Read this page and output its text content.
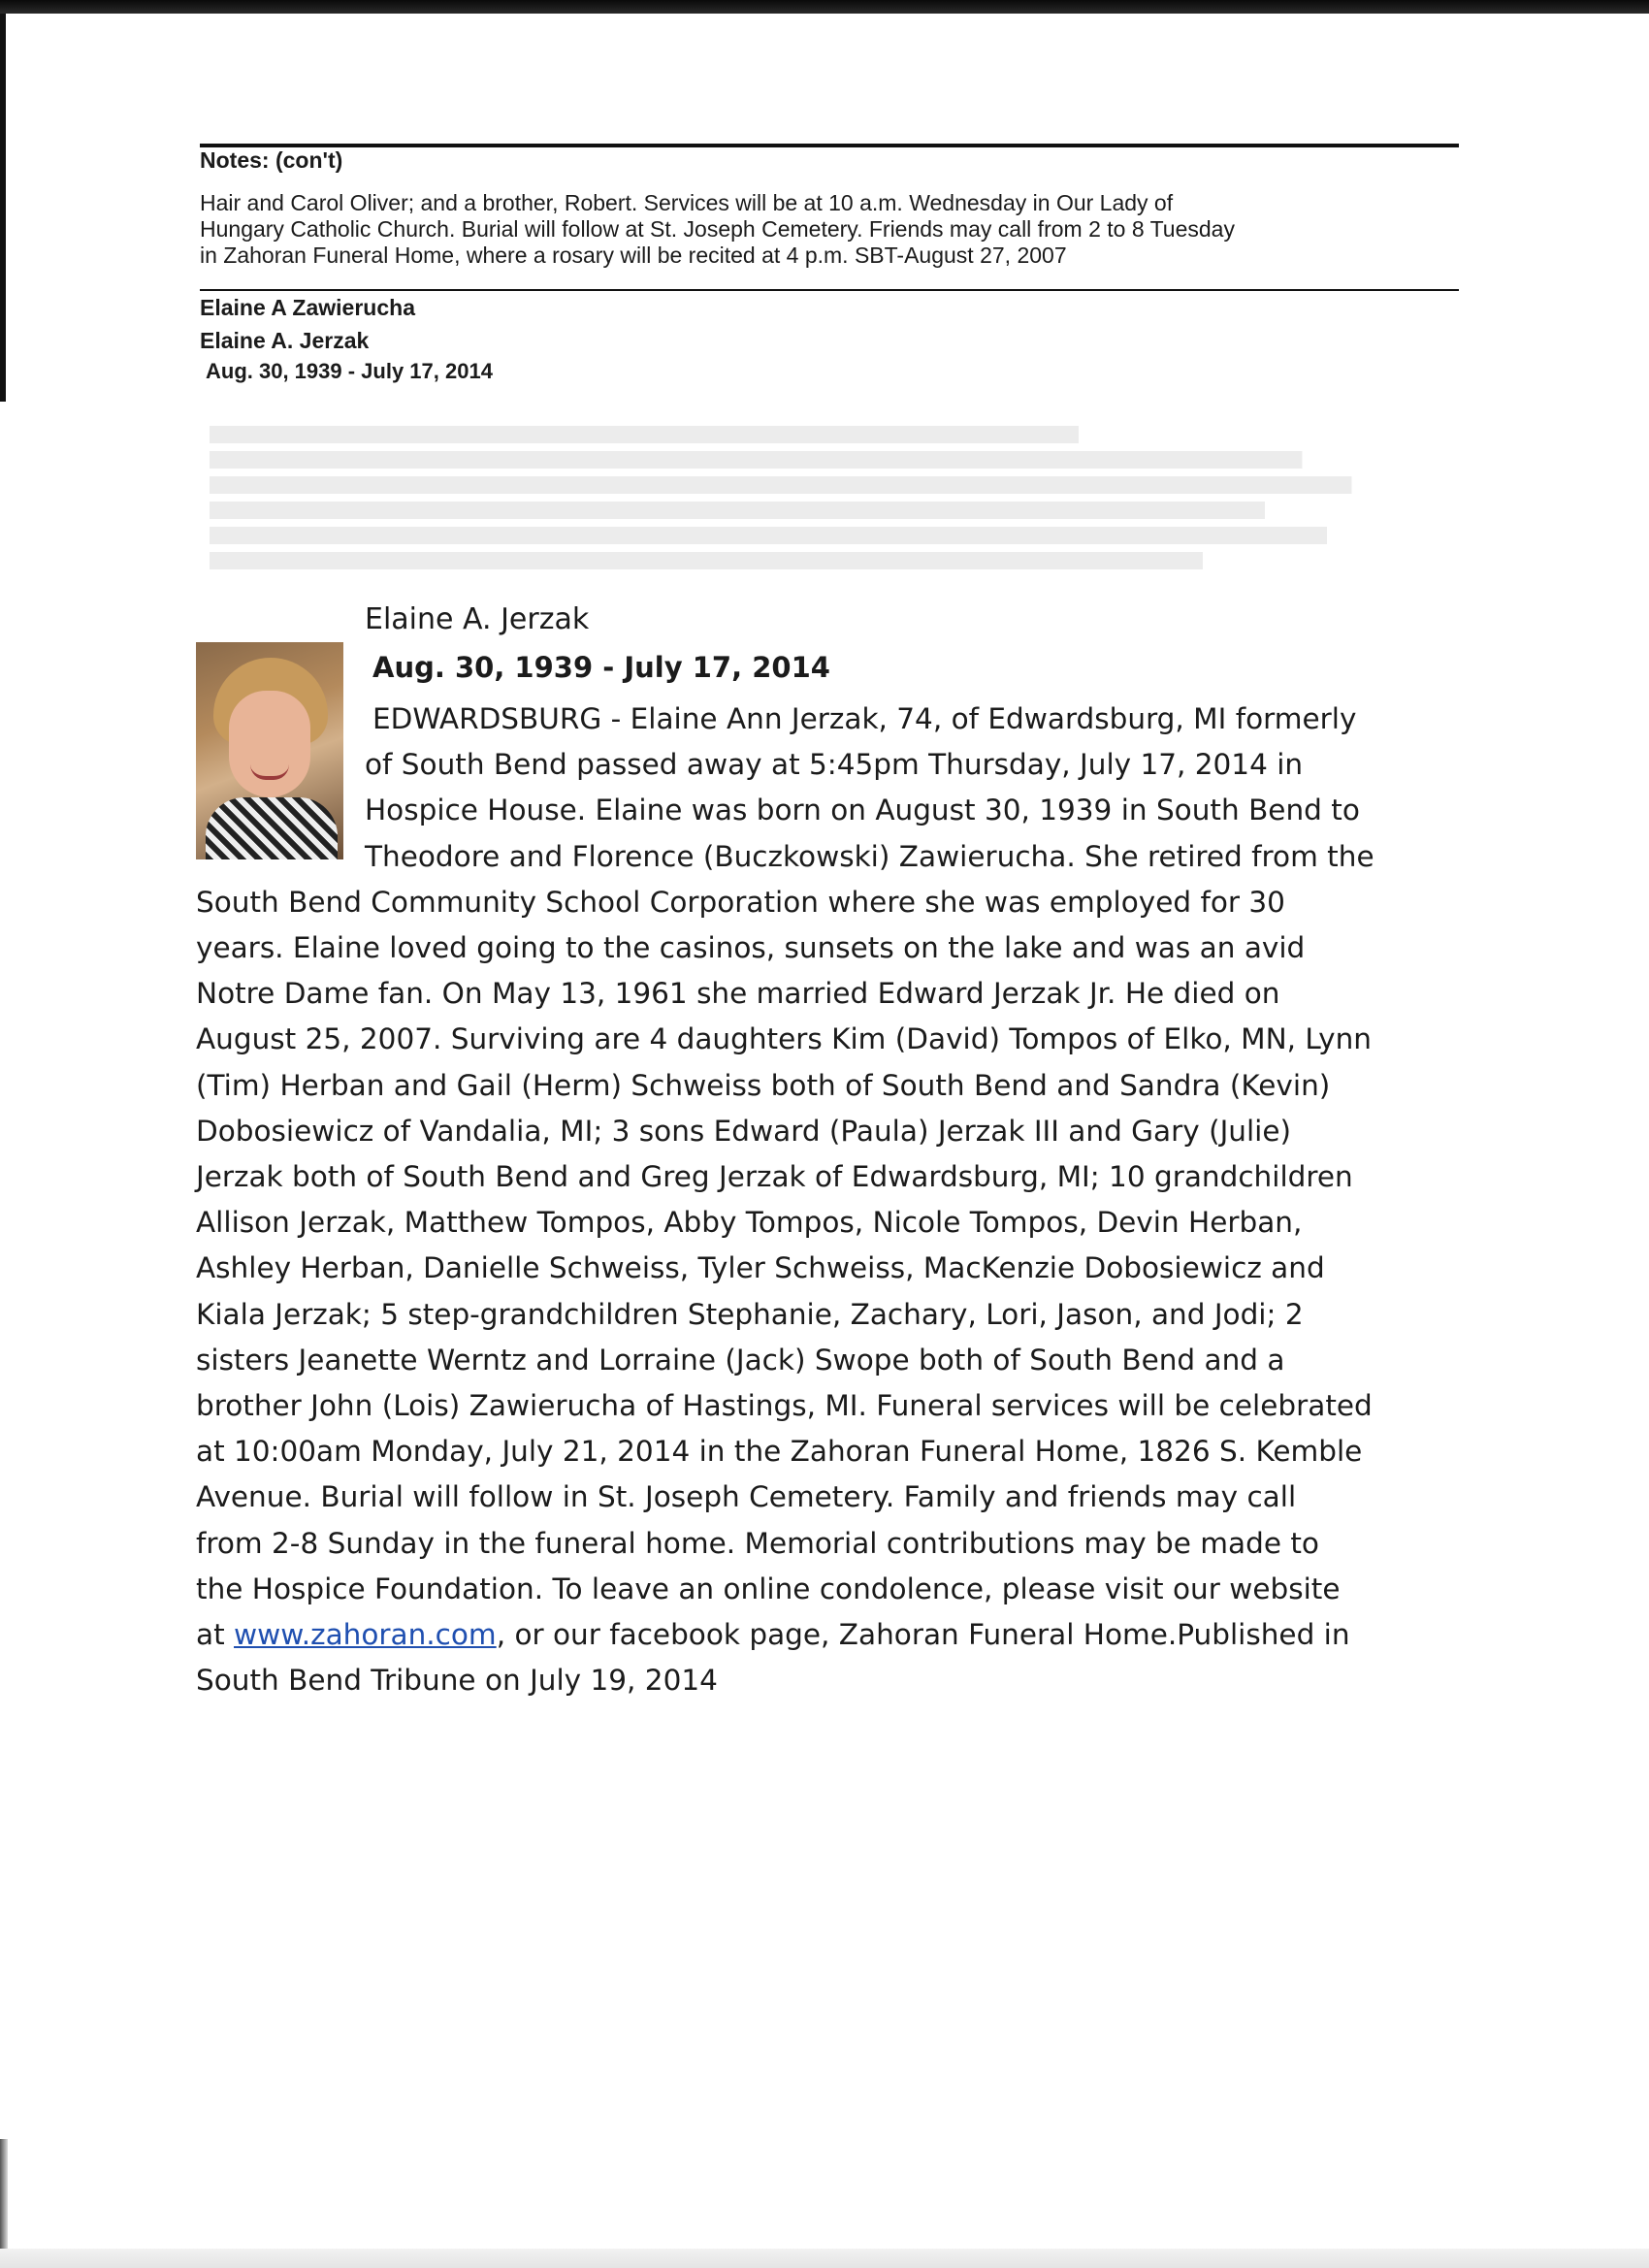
Notes: (con't)
Hair and Carol Oliver; and a brother, Robert. Services will be at 10 a.m. Wednesday in Our Lady of
Hungary Catholic Church. Burial will follow at St. Joseph Cemetery. Friends may call from 2 to 8 Tuesday
in Zahoran Funeral Home, where a rosary will be recited at 4 p.m. SBT-August 27, 2007
Elaine A Zawierucha
Elaine A. Jerzak
Aug. 30, 1939 - July 17, 2014
Elaine A. Jerzak
Aug. 30, 1939 - July 17, 2014
EDWARDSBURG - Elaine Ann Jerzak, 74, of Edwardsburg, MI formerly
of South Bend passed away at 5:45pm Thursday, July 17, 2014 in
Hospice House. Elaine was born on August 30, 1939 in South Bend to
Theodore and Florence (Buczkowski) Zawierucha. She retired from the
South Bend Community School Corporation where she was employed for 30
years. Elaine loved going to the casinos, sunsets on the lake and was an avid
Notre Dame fan. On May 13, 1961 she married Edward Jerzak Jr. He died on
August 25, 2007. Surviving are 4 daughters Kim (David) Tompos of Elko, MN, Lynn
(Tim) Herban and Gail (Herm) Schweiss both of South Bend and Sandra (Kevin)
Dobosiewicz of Vandalia, MI; 3 sons Edward (Paula) Jerzak III and Gary (Julie)
Jerzak both of South Bend and Greg Jerzak of Edwardsburg, MI; 10 grandchildren
Allison Jerzak, Matthew Tompos, Abby Tompos, Nicole Tompos, Devin Herban,
Ashley Herban, Danielle Schweiss, Tyler Schweiss, MacKenzie Dobosiewicz and
Kiala Jerzak; 5 step-grandchildren Stephanie, Zachary, Lori, Jason, and Jodi; 2
sisters Jeanette Werntz and Lorraine (Jack) Swope both of South Bend and a
brother John (Lois) Zawierucha of Hastings, MI. Funeral services will be celebrated
at 10:00am Monday, July 21, 2014 in the Zahoran Funeral Home, 1826 S. Kemble
Avenue. Burial will follow in St. Joseph Cemetery. Family and friends may call
from 2-8 Sunday in the funeral home. Memorial contributions may be made to
the Hospice Foundation. To leave an online condolence, please visit our website
at www.zahoran.com, or our facebook page, Zahoran Funeral Home.Published in
South Bend Tribune on July 19, 2014
